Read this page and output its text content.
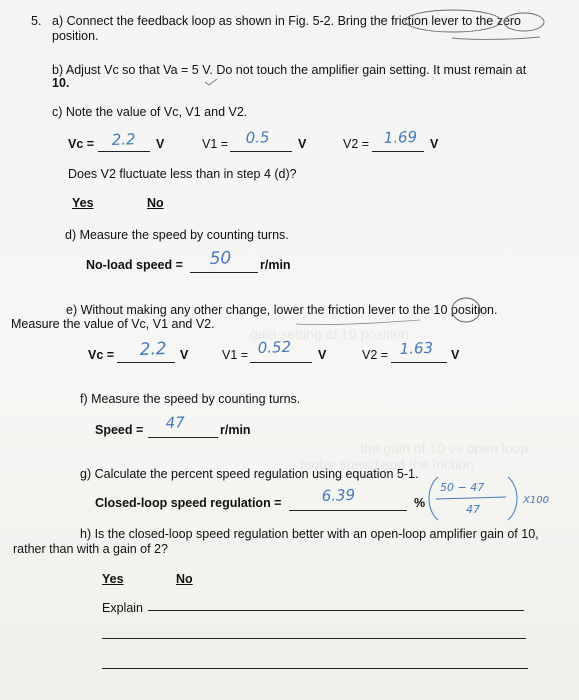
gain setting at 10 position
motor speed and the friction
the gain of 10 vs open loop
5. a) Connect the feedback loop as shown in Fig. 5-2. Bring the friction lever to the zero
position.
b) Adjust Vc so that Va = 5 V. Do not touch the amplifier gain setting. It must remain at
10.
c) Note the value of Vc, V1 and V2.
Vc = 2.2 V	V1 = 0.5 V	V2 = 1.69 V
Does V2 fluctuate less than in step 4 (d)?
Yes	No
d) Measure the speed by counting turns.
No-load speed = 50 r/min
e) Without making any other change, lower the friction lever to the 10 position.
Measure the value of Vc, V1 and V2.
Vc = 2.2 V	V1 = 0.52 V	V2 = 1.63 V
f) Measure the speed by counting turns.
Speed = 47	r/min
g) Calculate the percent speed regulation using equation 5-1.
Closed-loop speed regulation =	6.39	%
50 − 47
47
X100
h) Is the closed-loop speed regulation better with an open-loop amplifier gain of 10,
rather than with a gain of 2?
Yes	No
Explain
